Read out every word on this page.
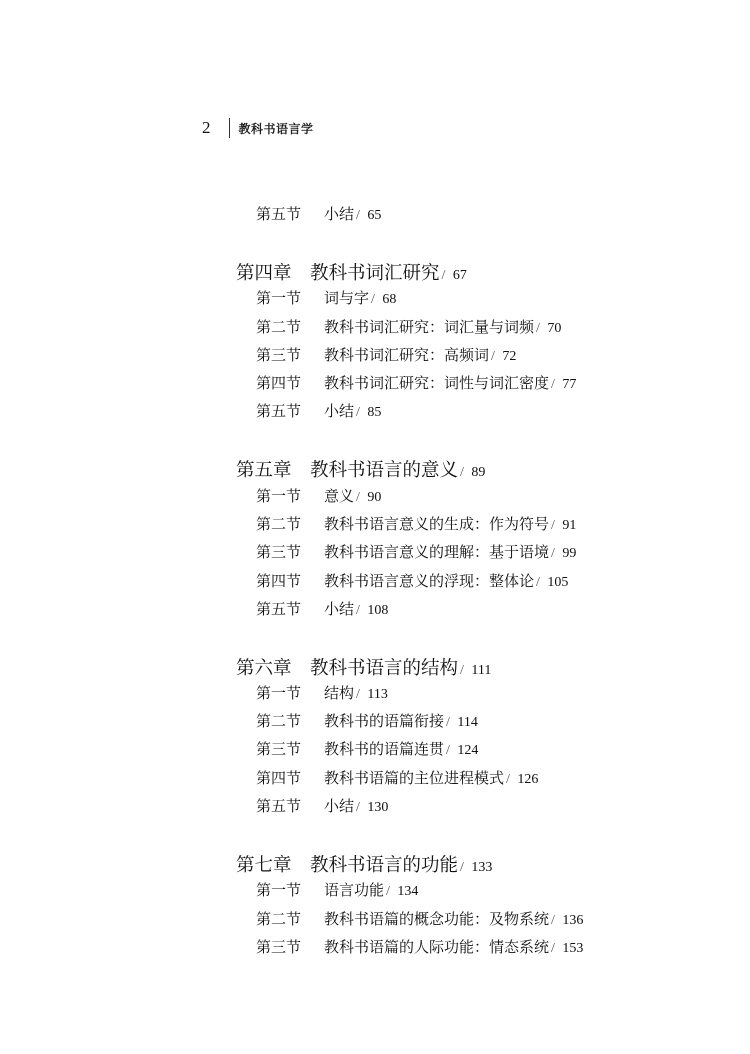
2 教科书语言学
第五节	小结 / 65
第四章 教科书词汇研究 / 67
第一节	词与字 / 68
第二节	教科书词汇研究：词汇量与词频 / 70
第三节	教科书词汇研究：高频词 / 72
第四节	教科书词汇研究：词性与词汇密度 / 77
第五节	小结 / 85
第五章 教科书语言的意义 / 89
第一节	意义 / 90
第二节	教科书语言意义的生成：作为符号 / 91
第三节	教科书语言意义的理解：基于语境 / 99
第四节	教科书语言意义的浮现：整体论 / 105
第五节	小结 / 108
第六章 教科书语言的结构 / 111
第一节	结构 / 113
第二节	教科书的语篇衔接 / 114
第三节	教科书的语篇连贯 / 124
第四节	教科书语篇的主位进程模式 / 126
第五节	小结 / 130
第七章 教科书语言的功能 / 133
第一节	语言功能 / 134
第二节	教科书语篇的概念功能：及物系统 / 136
第三节	教科书语篇的人际功能：情态系统 / 153
